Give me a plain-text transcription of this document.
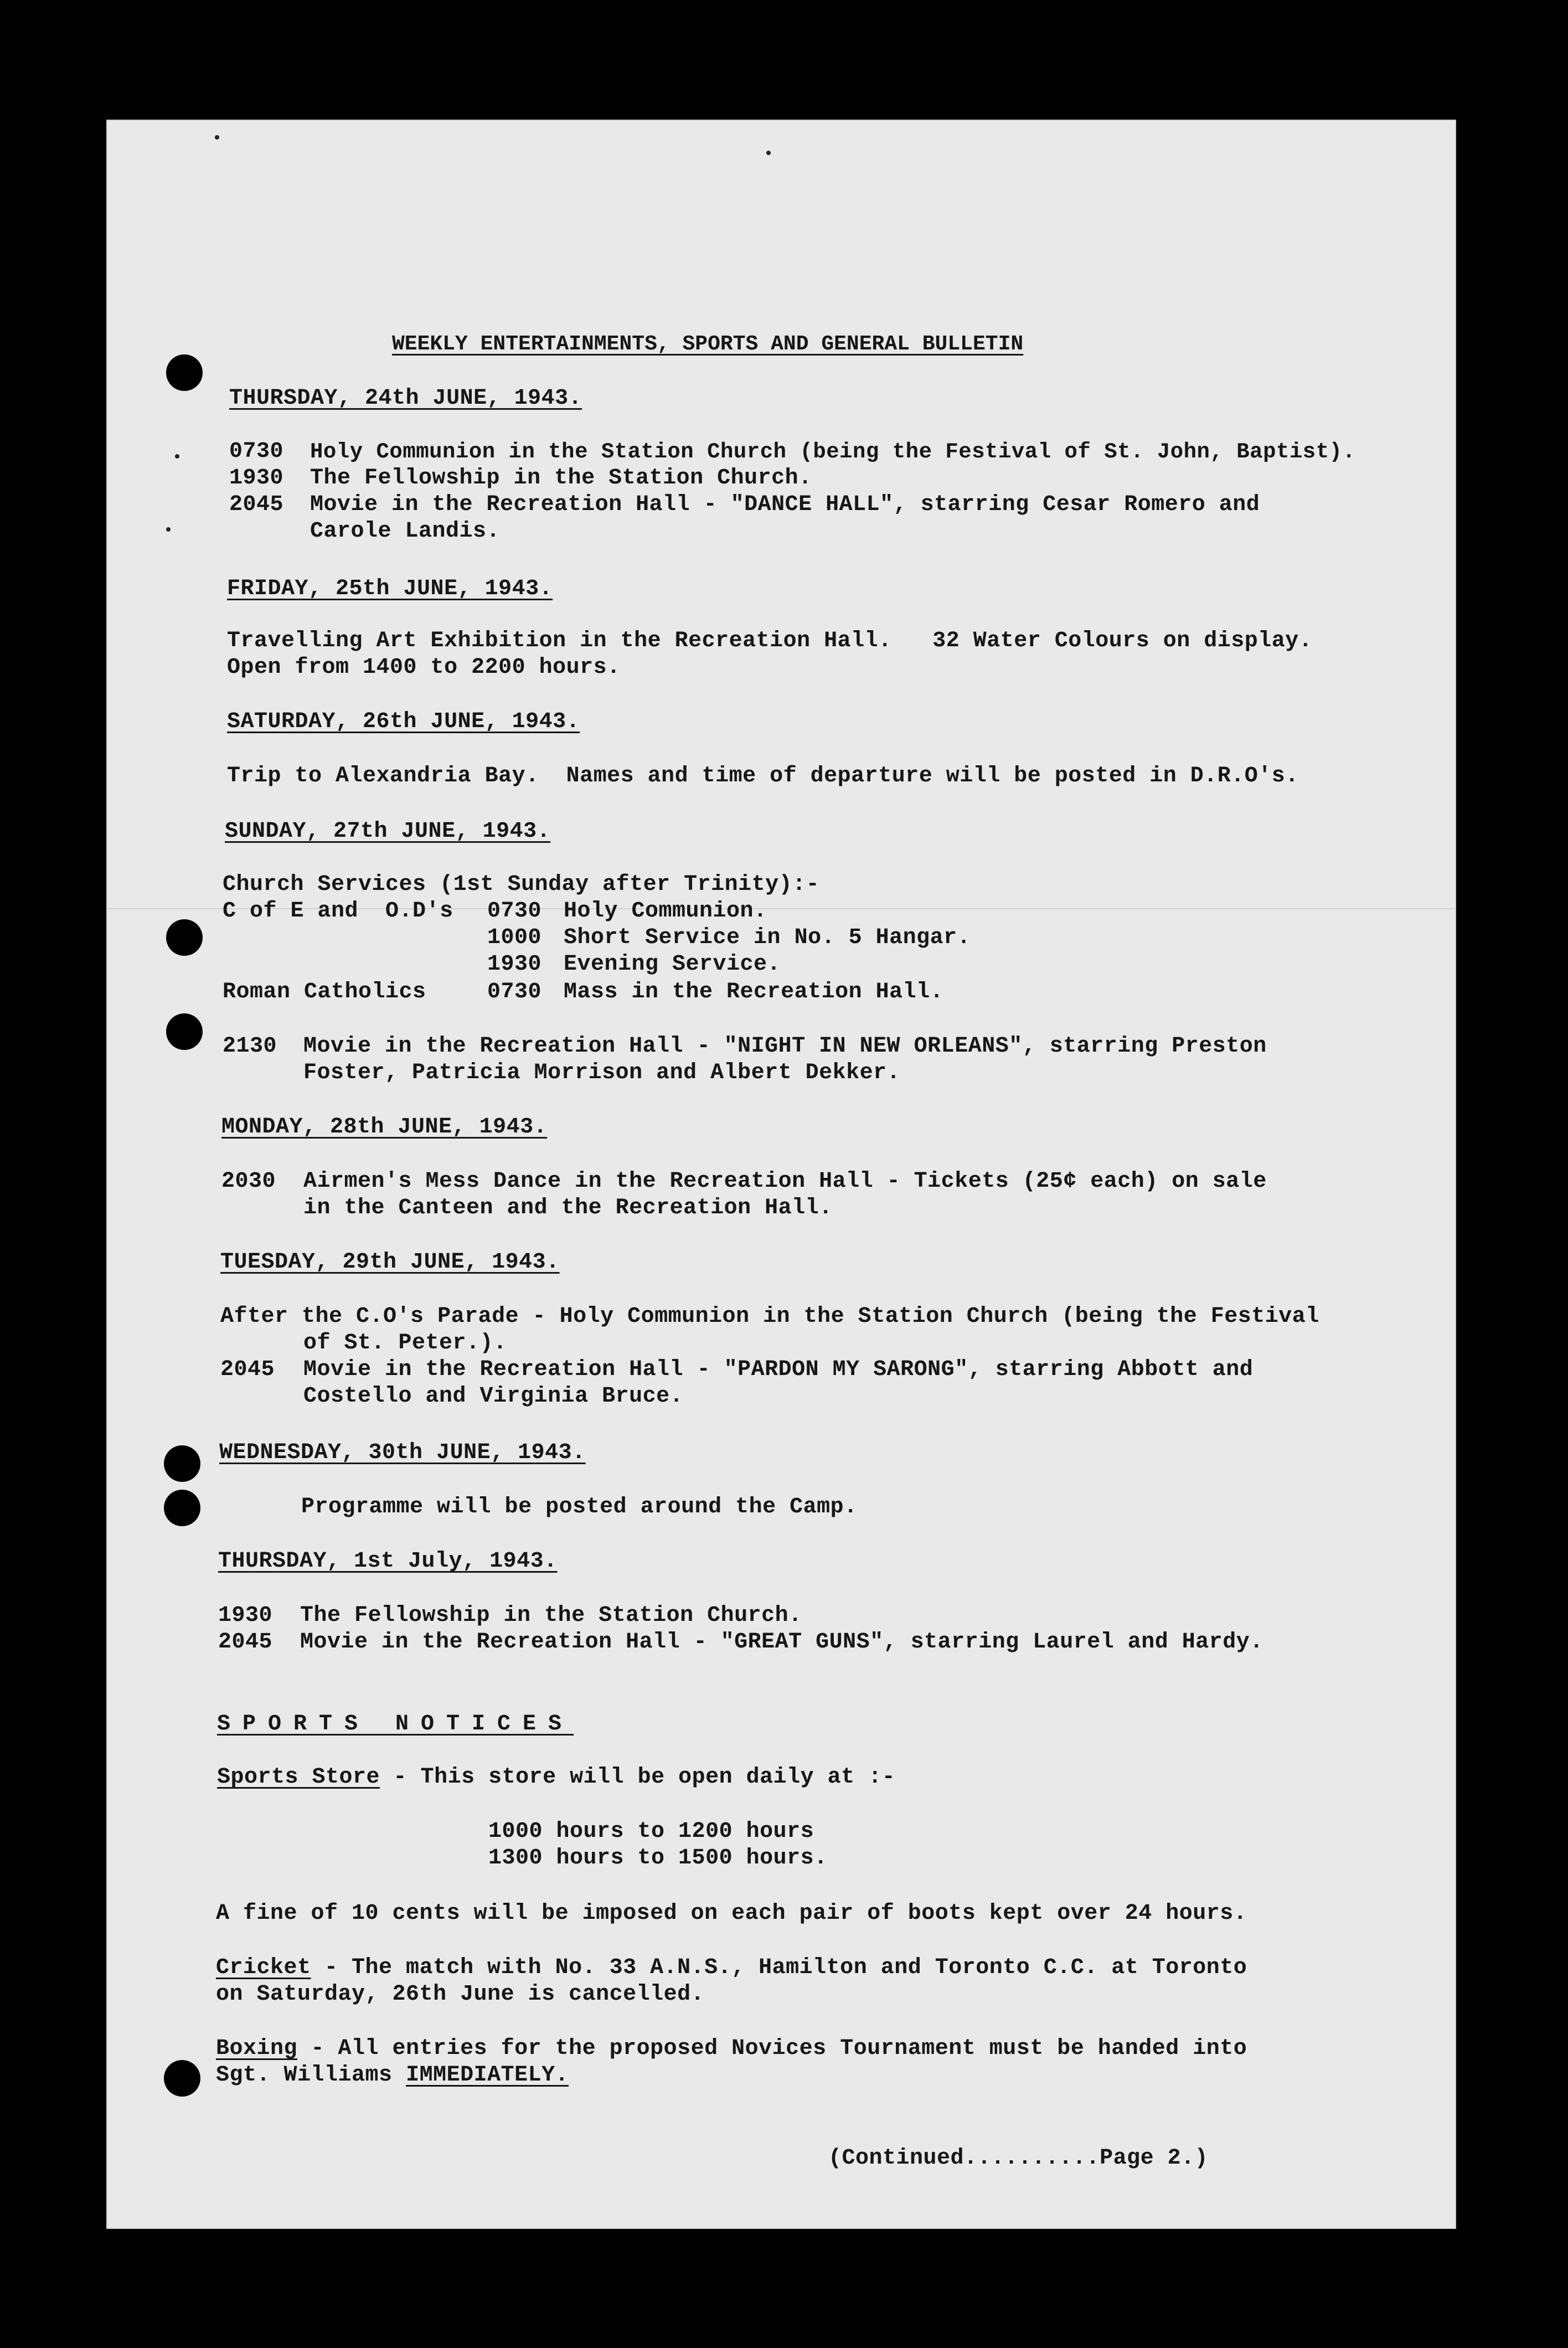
WEEKLY ENTERTAINMENTS, SPORTS AND GENERAL BULLETIN
THURSDAY, 24th JUNE, 1943.
0730 Holy Communion in the Station Church (being the Festival of St. John, Baptist).
1930 The Fellowship in the Station Church.
2045 Movie in the Recreation Hall - "DANCE HALL", starring Cesar Romero and
Carole Landis.
FRIDAY, 25th JUNE, 1943.
Travelling Art Exhibition in the Recreation Hall.   32 Water Colours on display.
Open from 1400 to 2200 hours.
SATURDAY, 26th JUNE, 1943.
Trip to Alexandria Bay.  Names and time of departure will be posted in D.R.O's.
SUNDAY, 27th JUNE, 1943.
Church Services (1st Sunday after Trinity):-
C of E and  O.D's 0730 Holy Communion.
1000 Short Service in No. 5 Hangar.
1930 Evening Service.
Roman Catholics	0730 Mass in the Recreation Hall.
2130 Movie in the Recreation Hall - "NIGHT IN NEW ORLEANS", starring Preston
Foster, Patricia Morrison and Albert Dekker.
MONDAY, 28th JUNE, 1943.
2030 Airmen's Mess Dance in the Recreation Hall - Tickets (25¢ each) on sale
in the Canteen and the Recreation Hall.
TUESDAY, 29th JUNE, 1943.
After the C.O's Parade - Holy Communion in the Station Church (being the Festival
of St. Peter.).
2045 Movie in the Recreation Hall - "PARDON MY SARONG", starring Abbott and
Costello and Virginia Bruce.
WEDNESDAY, 30th JUNE, 1943.
Programme will be posted around the Camp.
THURSDAY, 1st July, 1943.
1930 The Fellowship in the Station Church.
2045 Movie in the Recreation Hall - "GREAT GUNS", starring Laurel and Hardy.
SPORTS NOTICES
Sports Store - This store will be open daily at :-
1000 hours to 1200 hours
1300 hours to 1500 hours.
A fine of 10 cents will be imposed on each pair of boots kept over 24 hours.
Cricket - The match with No. 33 A.N.S., Hamilton and Toronto C.C. at Toronto
on Saturday, 26th June is cancelled.
Boxing - All entries for the proposed Novices Tournament must be handed into
Sgt. Williams IMMEDIATELY.
(Continued..........Page 2.)
